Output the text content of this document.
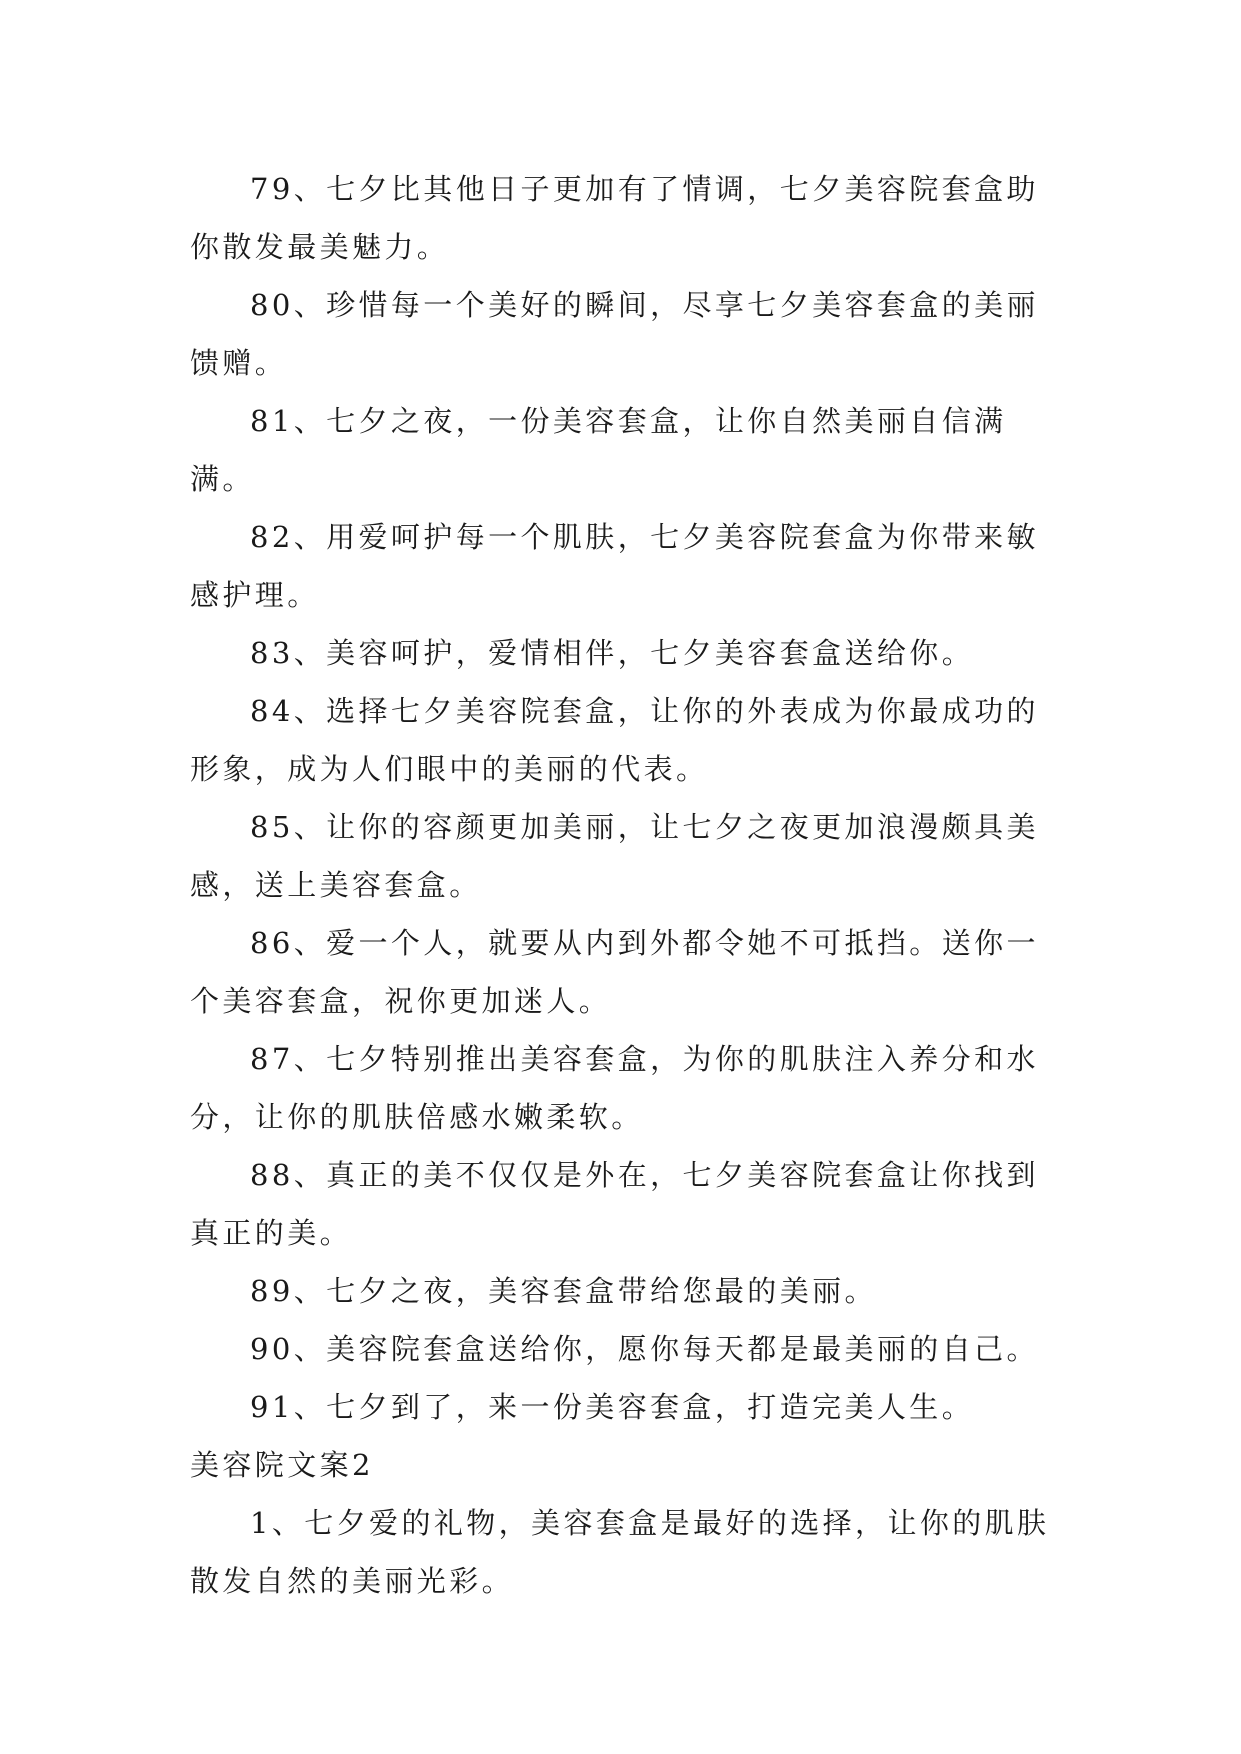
79、七夕比其他日子更加有了情调，七夕美容院套盒助你散发最美魅力。

80、珍惜每一个美好的瞬间，尽享七夕美容套盒的美丽馈赠。

81、七夕之夜，一份美容套盒，让你自然美丽自信满满。

82、用爱呵护每一个肌肤，七夕美容院套盒为你带来敏感护理。

83、美容呵护，爱情相伴，七夕美容套盒送给你。

84、选择七夕美容院套盒，让你的外表成为你最成功的形象，成为人们眼中的美丽的代表。

85、让你的容颜更加美丽，让七夕之夜更加浪漫颇具美感，送上美容套盒。

86、爱一个人，就要从内到外都令她不可抵挡。送你一个美容套盒，祝你更加迷人。

87、七夕特别推出美容套盒，为你的肌肤注入养分和水分，让你的肌肤倍感水嫩柔软。

88、真正的美不仅仅是外在，七夕美容院套盒让你找到真正的美。

89、七夕之夜，美容套盒带给您最的美丽。

90、美容院套盒送给你，愿你每天都是最美丽的自己。

91、七夕到了，来一份美容套盒，打造完美人生。

美容院文案2

1、七夕爱的礼物，美容套盒是最好的选择，让你的肌肤散发自然的美丽光彩。
